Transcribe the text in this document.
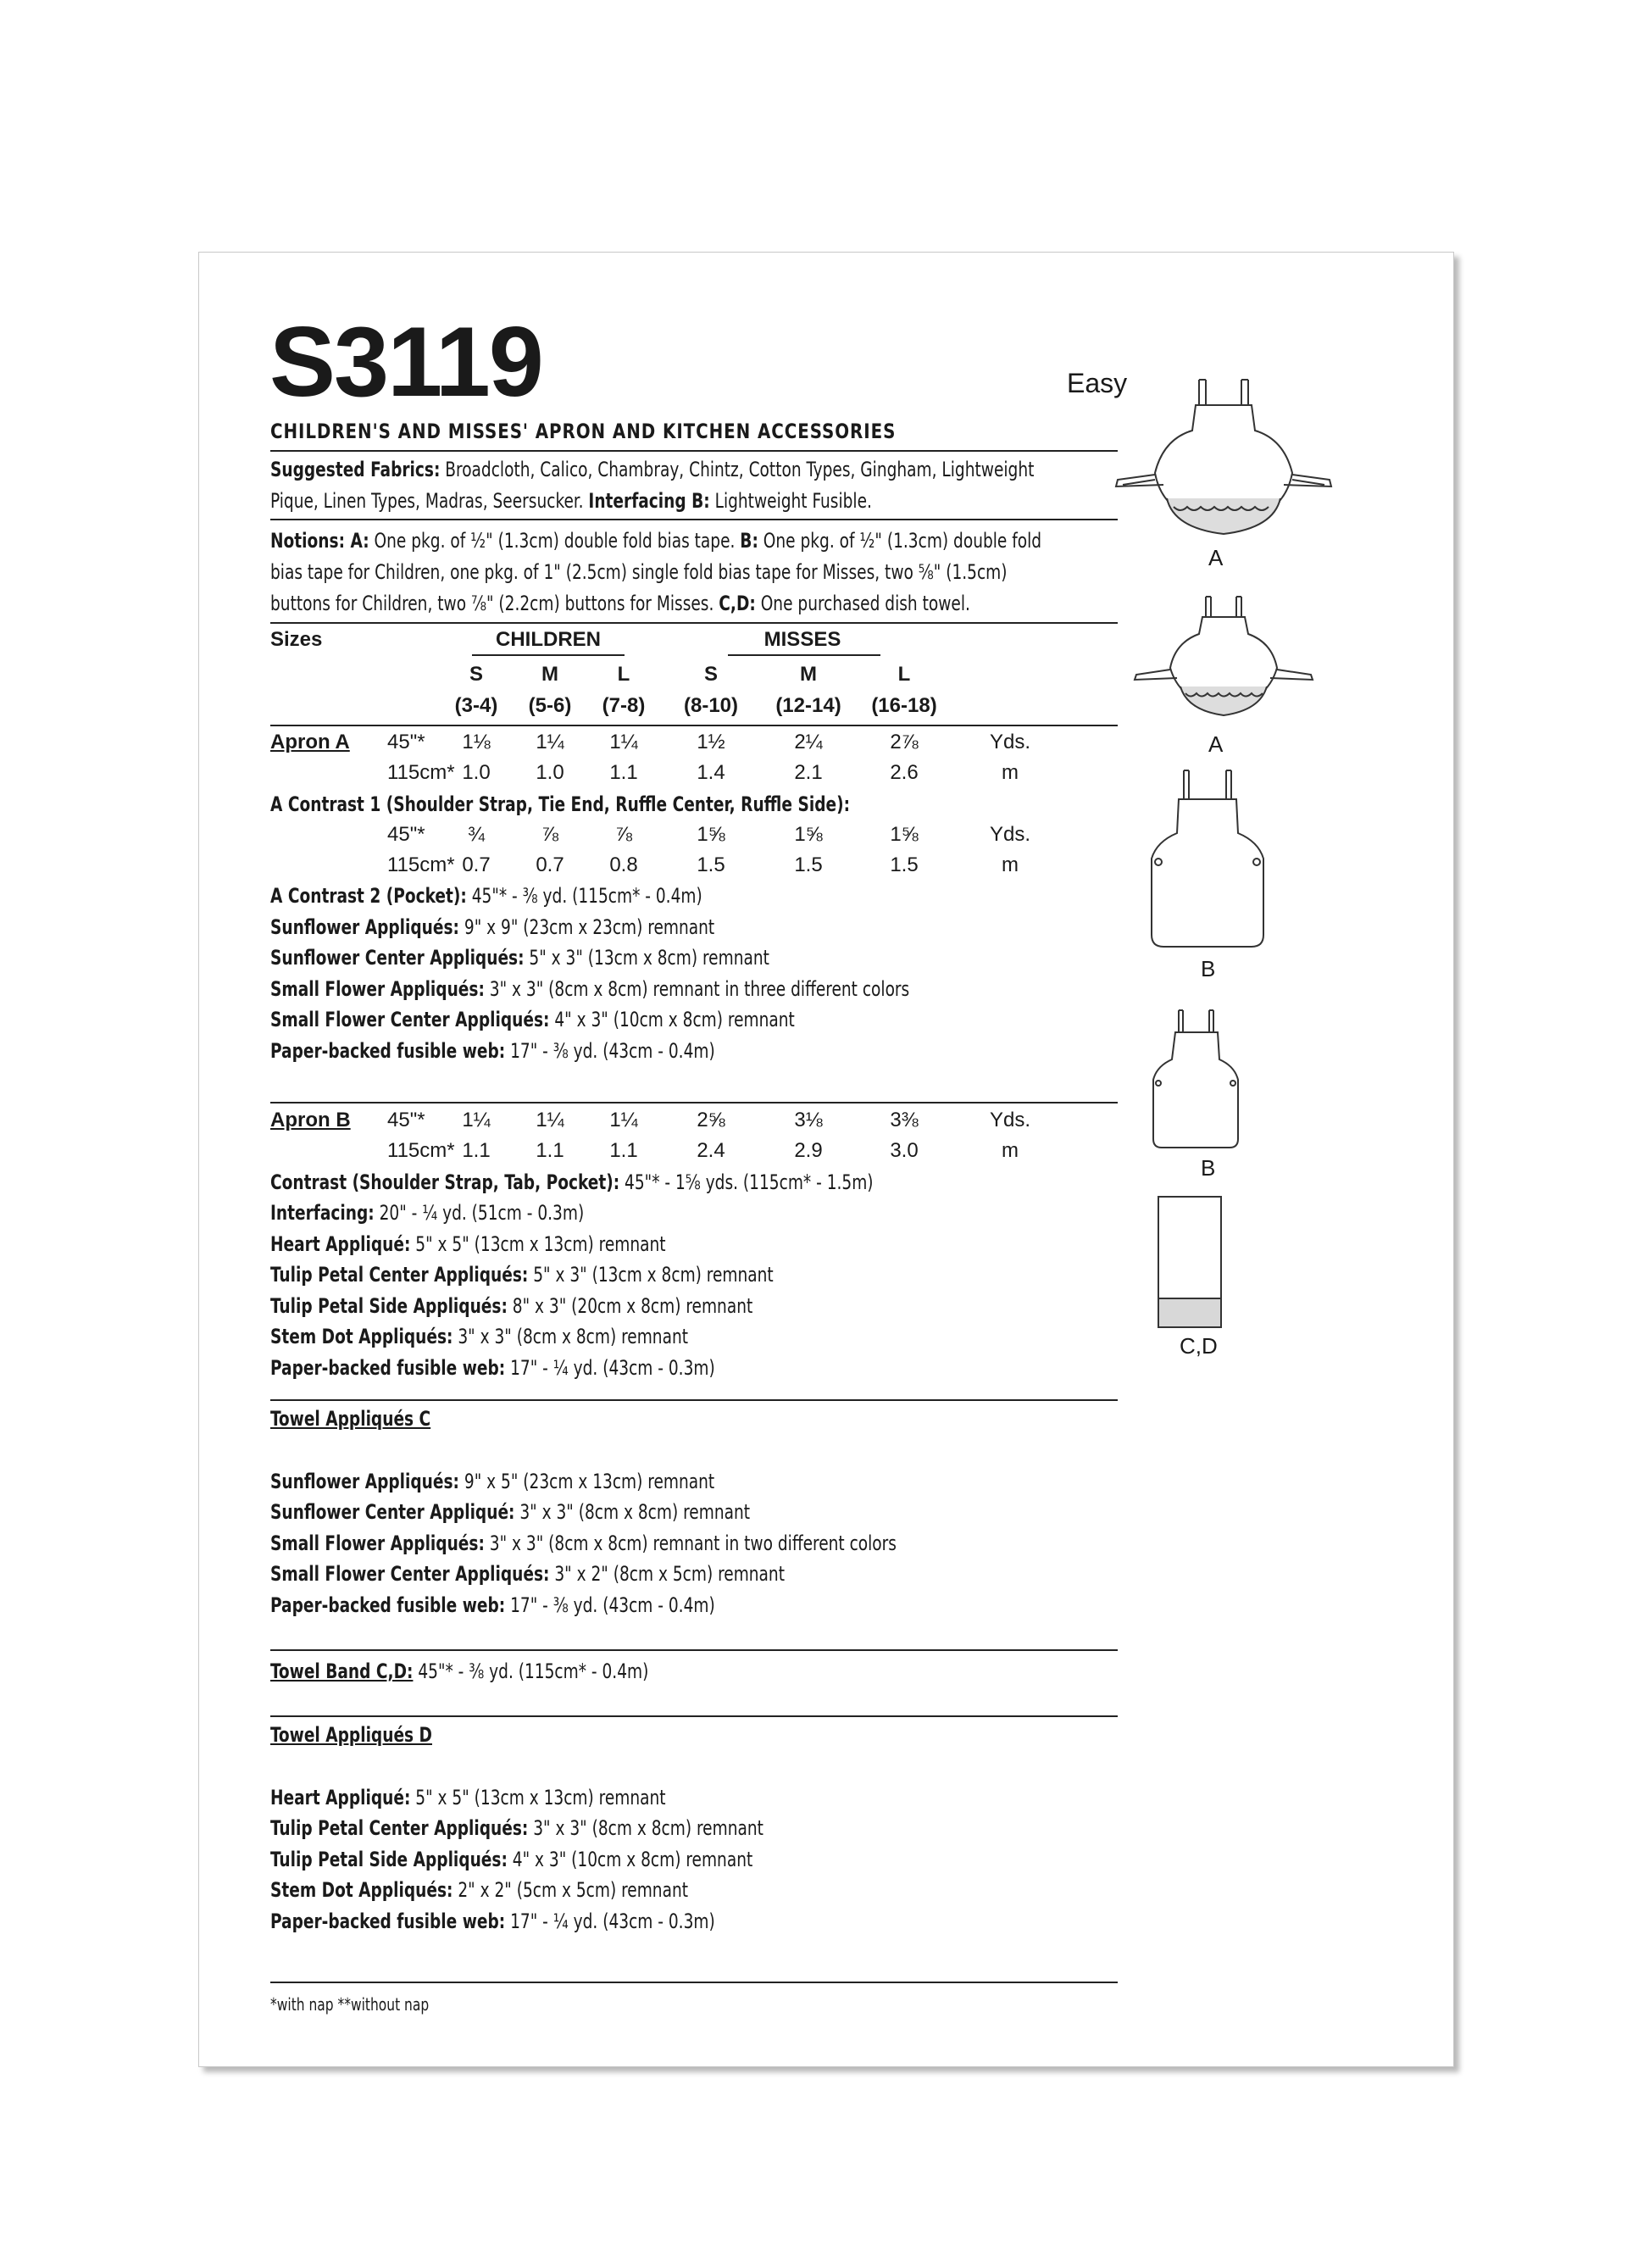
S3119	Easy
CHILDREN'S AND MISSES' APRON AND KITCHEN ACCESSORIES
Suggested Fabrics: Broadcloth, Calico, Chambray, Chintz, Cotton Types, Gingham, Lightweight
Pique, Linen Types, Madras, Seersucker. Interfacing B: Lightweight Fusible.
Notions: A: One pkg. of ½" (1.3cm) double fold bias tape. B: One pkg. of ½" (1.3cm) double fold
bias tape for Children, one pkg. of 1" (2.5cm) single fold bias tape for Misses, two ⅝" (1.5cm)
buttons for Children, two ⅞" (2.2cm) buttons for Misses. C,D: One purchased dish towel.
Sizes	CHILDREN	MISSES
S	M	L	S	M	L
(3-4) (5-6) (7-8) (8-10) (12-14) (16-18)
Apron A 45"* 1⅛ 1¼ 1¼	1½	2¼	2⅞	Yds.
115cm* 1.0 1.0 1.1	1.4	2.1	2.6	m
A Contrast 1 (Shoulder Strap, Tie End, Ruffle Center, Ruffle Side):
45"* ¾	⅞	⅞	1⅝	1⅝	1⅝	Yds.
115cm* 0.7 0.7 0.8	1.5	1.5	1.5	m
A Contrast 2 (Pocket): 45"* - ⅜ yd. (115cm* - 0.4m)
Sunflower Appliqués: 9" x 9" (23cm x 23cm) remnant
Sunflower Center Appliqués: 5" x 3" (13cm x 8cm) remnant
Small Flower Appliqués: 3" x 3" (8cm x 8cm) remnant in three different colors
Small Flower Center Appliqués: 4" x 3" (10cm x 8cm) remnant
Paper-backed fusible web: 17" - ⅜ yd. (43cm - 0.4m)
Apron B 45"* 1¼ 1¼ 1¼	2⅝	3⅛	3⅜	Yds.
115cm* 1.1 1.1 1.1	2.4	2.9	3.0	m
Contrast (Shoulder Strap, Tab, Pocket): 45"* - 1⅝ yds. (115cm* - 1.5m)
Interfacing: 20" - ¼ yd. (51cm - 0.3m)
Heart Appliqué: 5" x 5" (13cm x 13cm) remnant
Tulip Petal Center Appliqués: 5" x 3" (13cm x 8cm) remnant
Tulip Petal Side Appliqués: 8" x 3" (20cm x 8cm) remnant
Stem Dot Appliqués: 3" x 3" (8cm x 8cm) remnant
Paper-backed fusible web: 17" - ¼ yd. (43cm - 0.3m)
Towel Appliqués C
Sunflower Appliqués: 9" x 5" (23cm x 13cm) remnant
Sunflower Center Appliqué: 3" x 3" (8cm x 8cm) remnant
Small Flower Appliqués: 3" x 3" (8cm x 8cm) remnant in two different colors
Small Flower Center Appliqués: 3" x 2" (8cm x 5cm) remnant
Paper-backed fusible web: 17" - ⅜ yd. (43cm - 0.4m)
Towel Band C,D: 45"* - ⅜ yd. (115cm* - 0.4m)
Towel Appliqués D
Heart Appliqué: 5" x 5" (13cm x 13cm) remnant
Tulip Petal Center Appliqués: 3" x 3" (8cm x 8cm) remnant
Tulip Petal Side Appliqués: 4" x 3" (10cm x 8cm) remnant
Stem Dot Appliqués: 2" x 2" (5cm x 5cm) remnant
Paper-backed fusible web: 17" - ¼ yd. (43cm - 0.3m)
*with nap **without nap
A
A
B
B
C,D
